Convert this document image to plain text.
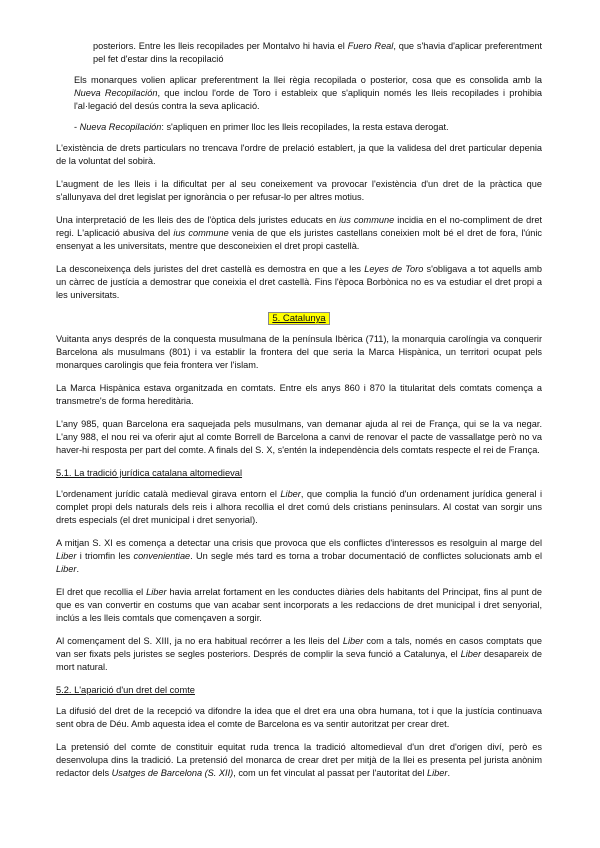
posteriors. Entre les lleis recopilades per Montalvo hi havia el Fuero Real, que s'havia d'aplicar preferentment pel fet d'estar dins la recopilació

Els monarques volien aplicar preferentment la llei règia recopilada o posterior, cosa que es consolida amb la Nueva Recopilación, que inclou l'orde de Toro i estableix que s'apliquin només les lleis recopilades i prohibia l'al·legació del desús contra la seva aplicació.

- Nueva Recopilación: s'apliquen en primer lloc les lleis recopilades, la resta estava derogat.

L'existència de drets particulars no trencava l'ordre de prelació establert, ja que la validesa del dret particular depenia de la voluntat del sobirà.

L'augment de les lleis i la dificultat per al seu coneixement va provocar l'existència d'un dret de la pràctica que s'allunyava del dret legislat per ignorància o per refusar-lo per altres motius.

Una interpretació de les lleis des de l'òptica dels juristes educats en ius commune incidia en el no-compliment de dret regi. L'aplicació abusiva del ius commune venia de que els juristes castellans coneixien molt bé el dret de fora, l'únic ensenyat a les universitats, mentre que desconeixien el dret propi castellà.

La desconeixença dels juristes del dret castellà es demostra en que a les Leyes de Toro s'obligava a tot aquells amb un càrrec de justícia a demostrar que coneixia el dret castellà. Fins l'època Borbònica no es va estudiar el dret propi a les universitats.

5. Catalunya

Vuitanta anys després de la conquesta musulmana de la península Ibèrica (711), la monarquia carolíngia va conquerir Barcelona als musulmans (801) i va establir la frontera del que seria la Marca Hispànica, un territori ocupat pels monarques carolingis que feia frontera ver l'islam.

La Marca Hispànica estava organitzada en comtats. Entre els anys 860 i 870 la titularitat dels comtats comença a transmetre's de forma hereditària.

L'any 985, quan Barcelona era saquejada pels musulmans, van demanar ajuda al rei de França, qui se la va negar. L'any 988, el nou rei va oferir ajut al comte Borrell de Barcelona a canvi de renovar el pacte de vassallatge però no va haver-hi resposta per part del comte. A finals del S. X, s'entén la independència dels comtats respecte el rei de França.

5.1. La tradició jurídica catalana altomedieval

L'ordenament jurídic català medieval girava entorn el Liber, que complia la funció d'un ordenament jurídica general i complet propi dels naturals dels reis i alhora recollia el dret comú dels cristians peninsulars. Al costat van sorgir uns drets especials (el dret municipal i dret senyorial).

A mitjan S. XI es comença a detectar una crisis que provoca que els conflictes d'interessos es resolguin al marge del Liber i triomfin les convenientiae. Un segle més tard es torna a trobar documentació de conflictes solucionats amb el Liber.

El dret que recollia el Liber havia arrelat fortament en les conductes diàries dels habitants del Principat, fins al punt de que es van convertir en costums que van acabar sent incorporats a les redaccions de dret municipal i dret senyorial, inclús a les lleis comtals que començaven a sorgir.

Al començament del S. XIII, ja no era habitual recórrer a les lleis del Liber com a tals, només en casos comptats que van ser fixats pels juristes se segles posteriors. Després de complir la seva funció a Catalunya, el Liber desapareix de mort natural.

5.2. L'aparició d'un dret del comte

La difusió del dret de la recepció va difondre la idea que el dret era una obra humana, tot i que la justícia continuava sent obra de Déu. Amb aquesta idea el comte de Barcelona es va sentir autoritzat per crear dret.

La pretensió del comte de constituir equitat ruda trenca la tradició altomedieval d'un dret d'origen diví, però es desenvolupa dins la tradició. La pretensió del monarca de crear dret per mitjà de la llei es presenta pel jurista anònim redactor dels Usatges de Barcelona (S. XII), com un fet vinculat al passat per l'autoritat del Liber.
